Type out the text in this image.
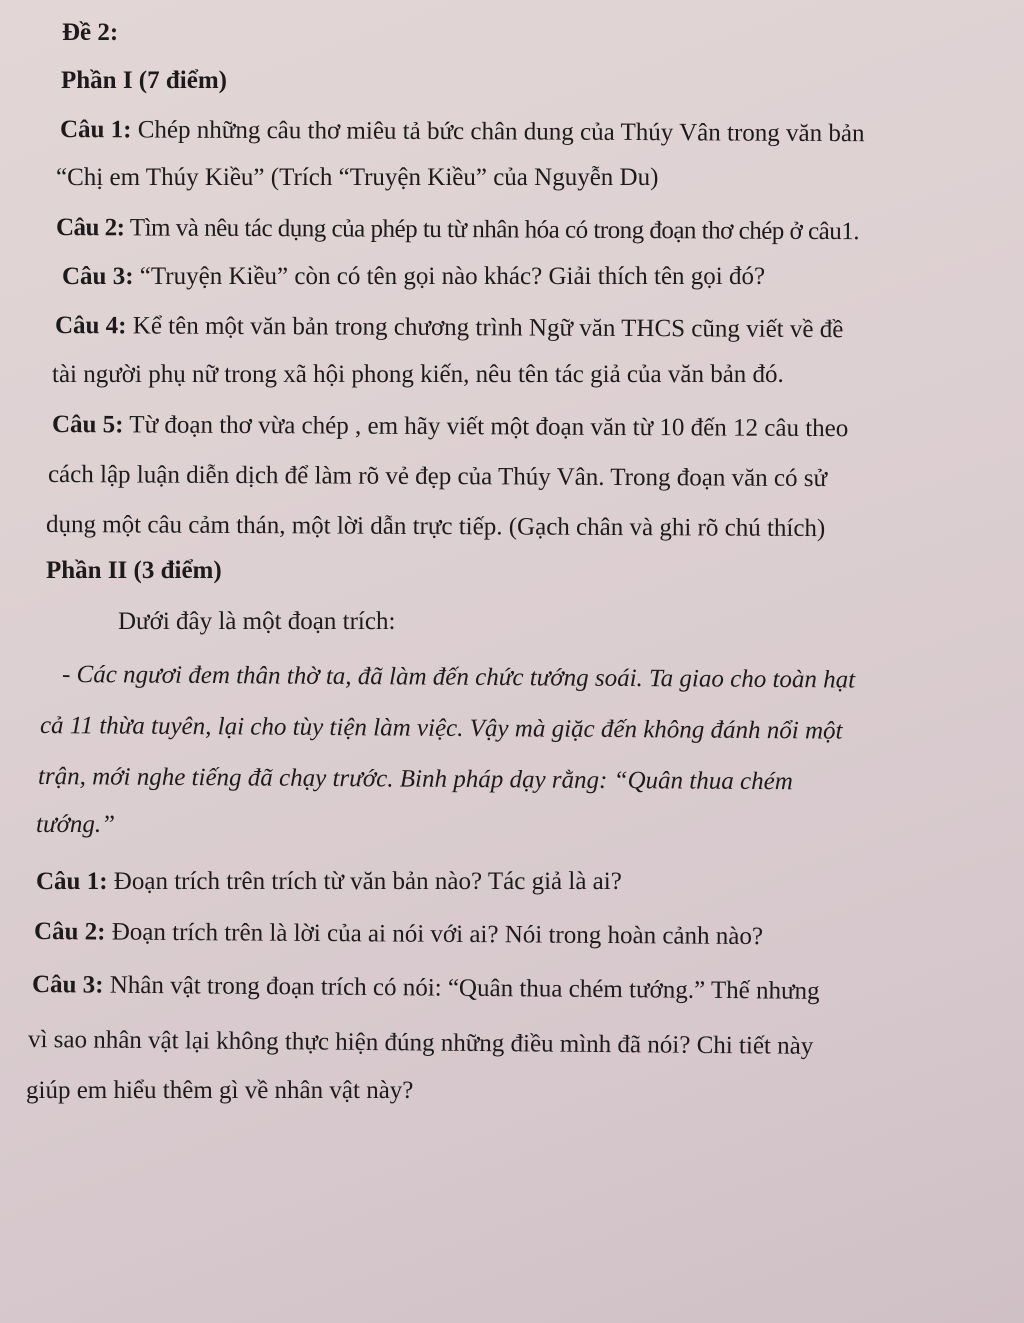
Đề 2:
Phần I (7 điểm)
Câu 1: Chép những câu thơ miêu tả bức chân dung của Thúy Vân trong văn bản
“Chị em Thúy Kiều” (Trích “Truyện Kiều” của Nguyễn Du)
Câu 2: Tìm và nêu tác dụng của phép tu từ nhân hóa có trong đoạn thơ chép ở câu1.
Câu 3: “Truyện Kiều” còn có tên gọi nào khác? Giải thích tên gọi đó?
Câu 4: Kể tên một văn bản trong chương trình Ngữ văn THCS cũng viết về đề
tài người phụ nữ trong xã hội phong kiến, nêu tên tác giả của văn bản đó.
Câu 5: Từ đoạn thơ vừa chép , em hãy viết một đoạn văn từ 10 đến 12 câu theo
cách lập luận diễn dịch để làm rõ vẻ đẹp của Thúy Vân. Trong đoạn văn có sử
dụng một câu cảm thán, một lời dẫn trực tiếp. (Gạch chân và ghi rõ chú thích)
Phần II (3 điểm)
Dưới đây là một đoạn trích:
- Các ngươi đem thân thờ ta, đã làm đến chức tướng soái. Ta giao cho toàn hạt
cả 11 thừa tuyên, lại cho tùy tiện làm việc. Vậy mà giặc đến không đánh nổi một
trận, mới nghe tiếng đã chạy trước. Binh pháp dạy rằng: “Quân thua chém
tướng.”
Câu 1: Đoạn trích trên trích từ văn bản nào? Tác giả là ai?
Câu 2: Đoạn trích trên là lời của ai nói với ai? Nói trong hoàn cảnh nào?
Câu 3: Nhân vật trong đoạn trích có nói: “Quân thua chém tướng.” Thế nhưng
vì sao nhân vật lại không thực hiện đúng những điều mình đã nói? Chi tiết này
giúp em hiểu thêm gì về nhân vật này?
